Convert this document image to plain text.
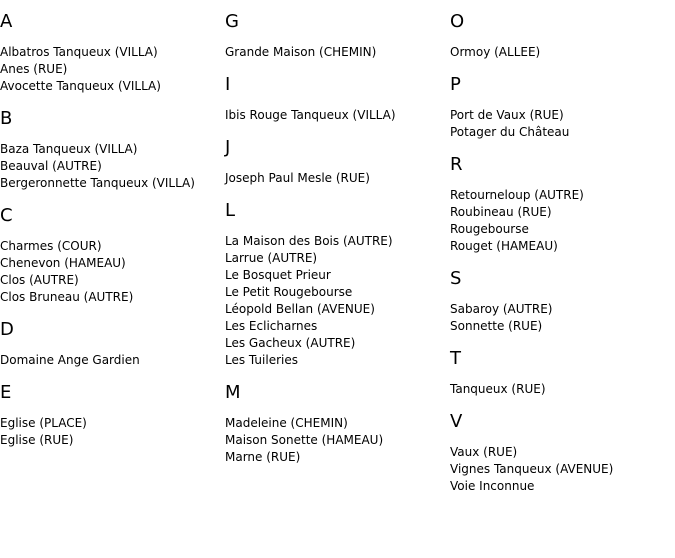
A
Albatros Tanqueux (VILLA)
Anes (RUE)
Avocette Tanqueux (VILLA)
B
Baza Tanqueux (VILLA)
Beauval (AUTRE)
Bergeronnette Tanqueux (VILLA)
C
Charmes (COUR)
Chenevon (HAMEAU)
Clos (AUTRE)
Clos Bruneau (AUTRE)
D
Domaine Ange Gardien
E
Eglise (PLACE)
Eglise (RUE)
G
Grande Maison (CHEMIN)
I
Ibis Rouge Tanqueux (VILLA)
J
Joseph Paul Mesle (RUE)
L
La Maison des Bois (AUTRE)
Larrue (AUTRE)
Le Bosquet Prieur
Le Petit Rougebourse
Léopold Bellan (AVENUE)
Les Eclicharnes
Les Gacheux (AUTRE)
Les Tuileries
M
Madeleine (CHEMIN)
Maison Sonette (HAMEAU)
Marne (RUE)
O
Ormoy (ALLEE)
P
Port de Vaux (RUE)
Potager du Château
R
Retourneloup (AUTRE)
Roubineau (RUE)
Rougebourse
Rouget (HAMEAU)
S
Sabaroy (AUTRE)
Sonnette (RUE)
T
Tanqueux (RUE)
V
Vaux (RUE)
Vignes Tanqueux (AVENUE)
Voie Inconnue
